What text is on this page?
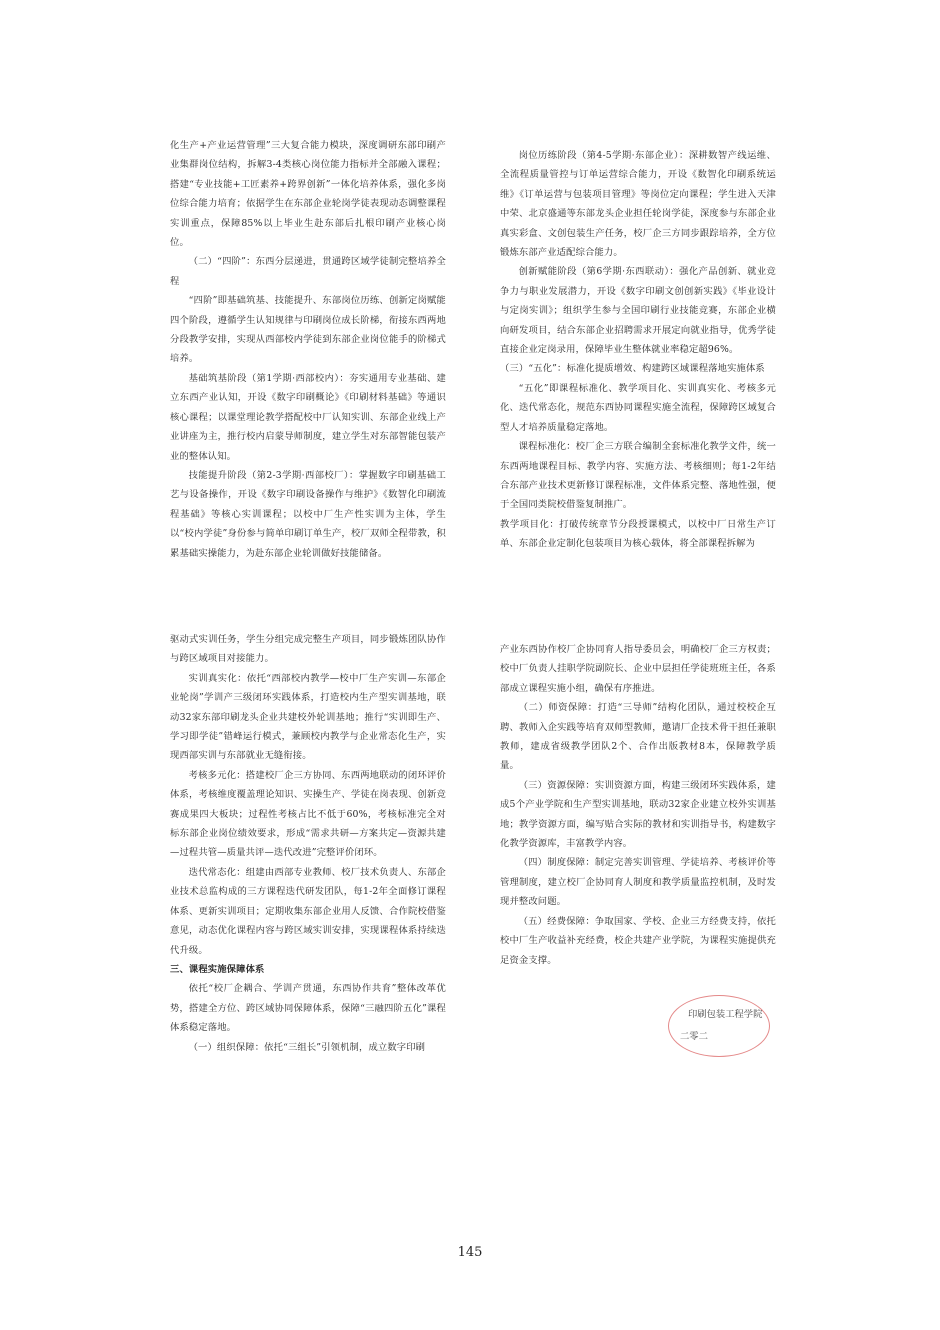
化生产+产业运营管理”三大复合能力模块，深度调研东部印刷产业集群岗位结构，拆解3-4类核心岗位能力指标并全部融入课程；搭建“专业技能+工匠素养+跨界创新”一体化培养体系，强化多岗位综合能力培育；依据学生在东部企业轮岗学徒表现动态调整课程实训重点，保障85%以上毕业生赴东部后扎根印刷产业核心岗位。

（二）“四阶”：东西分层递进，贯通跨区域学徒制完整培养全程

“四阶”即基础筑基、技能提升、东部岗位历练、创新定岗赋能四个阶段，遵循学生认知规律与印刷岗位成长阶梯，衔接东西两地分段教学安排，实现从西部校内学徒到东部企业岗位能手的阶梯式培养。

基础筑基阶段（第1学期·西部校内）：夯实通用专业基础、建立东西产业认知，开设《数字印刷概论》《印刷材料基础》等通识核心课程；以课堂理论教学搭配校中厂认知实训、东部企业线上产业讲座为主，推行校内启蒙导师制度，建立学生对东部智能包装产业的整体认知。

技能提升阶段（第2-3学期·西部校厂）：掌握数字印刷基础工艺与设备操作，开设《数字印刷设备操作与维护》《数智化印刷流程基础》等核心实训课程；以校中厂生产性实训为主体，学生以“校内学徒”身份参与简单印刷订单生产，校厂双师全程带教，积累基础实操能力，为赴东部企业轮训做好技能储备。

岗位历练阶段（第4-5学期·东部企业）：深耕数智产线运维、全流程质量管控与订单运营综合能力，开设《数智化印刷系统运维》《订单运营与包装项目管理》等岗位定向课程；学生进入天津中荣、北京盛通等东部龙头企业担任轮岗学徒，深度参与东部企业真实彩盒、文创包装生产任务，校厂企三方同步跟踪培养，全方位锻炼东部产业适配综合能力。

创新赋能阶段（第6学期·东西联动）：强化产品创新、就业竞争力与职业发展潜力，开设《数字印刷文创创新实践》《毕业设计与定岗实训》；组织学生参与全国印刷行业技能竞赛，东部企业横向研发项目，结合东部企业招聘需求开展定向就业指导，优秀学徒直接企业定岗录用，保障毕业生整体就业率稳定超96%。

（三）“五化”：标准化提质增效、构建跨区域课程落地实施体系

“五化”即课程标准化、教学项目化、实训真实化、考核多元化、迭代常态化，规范东西协同课程实施全流程，保障跨区域复合型人才培养质量稳定落地。

课程标准化：校厂企三方联合编制全套标准化教学文件，统一东西两地课程目标、教学内容、实施方法、考核细则；每1-2年结合东部产业技术更新修订课程标准，文件体系完整、落地性强，便于全国同类院校借鉴复制推广。

教学项目化：打破传统章节分段授课模式，以校中厂日常生产订单、东部企业定制化包装项目为核心载体，将全部课程拆解为

驱动式实训任务，学生分组完成完整生产项目，同步锻炼团队协作与跨区域项目对接能力。

实训真实化：依托“西部校内教学—校中厂生产实训—东部企业轮岗”学训产三级闭环实践体系，打造校内生产型实训基地，联动32家东部印刷龙头企业共建校外轮训基地；推行“实训即生产、学习即学徒”错峰运行模式，兼顾校内教学与企业常态化生产，实现西部实训与东部就业无缝衔接。

考核多元化：搭建校厂企三方协同、东西两地联动的闭环评价体系，考核维度覆盖理论知识、实操生产、学徒在岗表现、创新竞赛成果四大板块；过程性考核占比不低于60%，考核标准完全对标东部企业岗位绩效要求，形成“需求共研—方案共定—资源共建—过程共管—质量共评—迭代改进”完整评价闭环。

迭代常态化：组建由西部专业教师、校厂技术负责人、东部企业技术总监构成的三方课程迭代研发团队，每1-2年全面修订课程体系、更新实训项目；定期收集东部企业用人反馈、合作院校借鉴意见，动态优化课程内容与跨区域实训安排，实现课程体系持续迭代升级。

三、课程实施保障体系

依托“校厂企耦合、学训产贯通，东西协作共育”整体改革优势，搭建全方位、跨区域协同保障体系，保障“三融四阶五化”课程体系稳定落地。

（一）组织保障：依托“三组长”引领机制，成立数字印刷

产业东西协作校厂企协同育人指导委员会，明确校厂企三方权责；校中厂负责人挂职学院副院长、企业中层担任学徒班班主任，各系部成立课程实施小组，确保有序推进。

（二）师资保障：打造“三导师”结构化团队，通过校校企互聘、教师入企实践等培育双师型教师，邀请厂企技术骨干担任兼职教师，建成省级教学团队2个、合作出版教材8本，保障教学质量。

（三）资源保障：实训资源方面，构建三级闭环实践体系，建成5个产业学院和生产型实训基地，联动32家企业建立校外实训基地；教学资源方面，编写贴合实际的教材和实训指导书，构建数字化教学资源库，丰富教学内容。

（四）制度保障：制定完善实训管理、学徒培养、考核评价等管理制度，建立校厂企协同育人制度和教学质量监控机制，及时发现并整改问题。

（五）经费保障：争取国家、学校、企业三方经费支持，依托校中厂生产收益补充经费，校企共建产业学院，为课程实施提供充足资金支撑。

印刷包装工程学院
二零二
145
